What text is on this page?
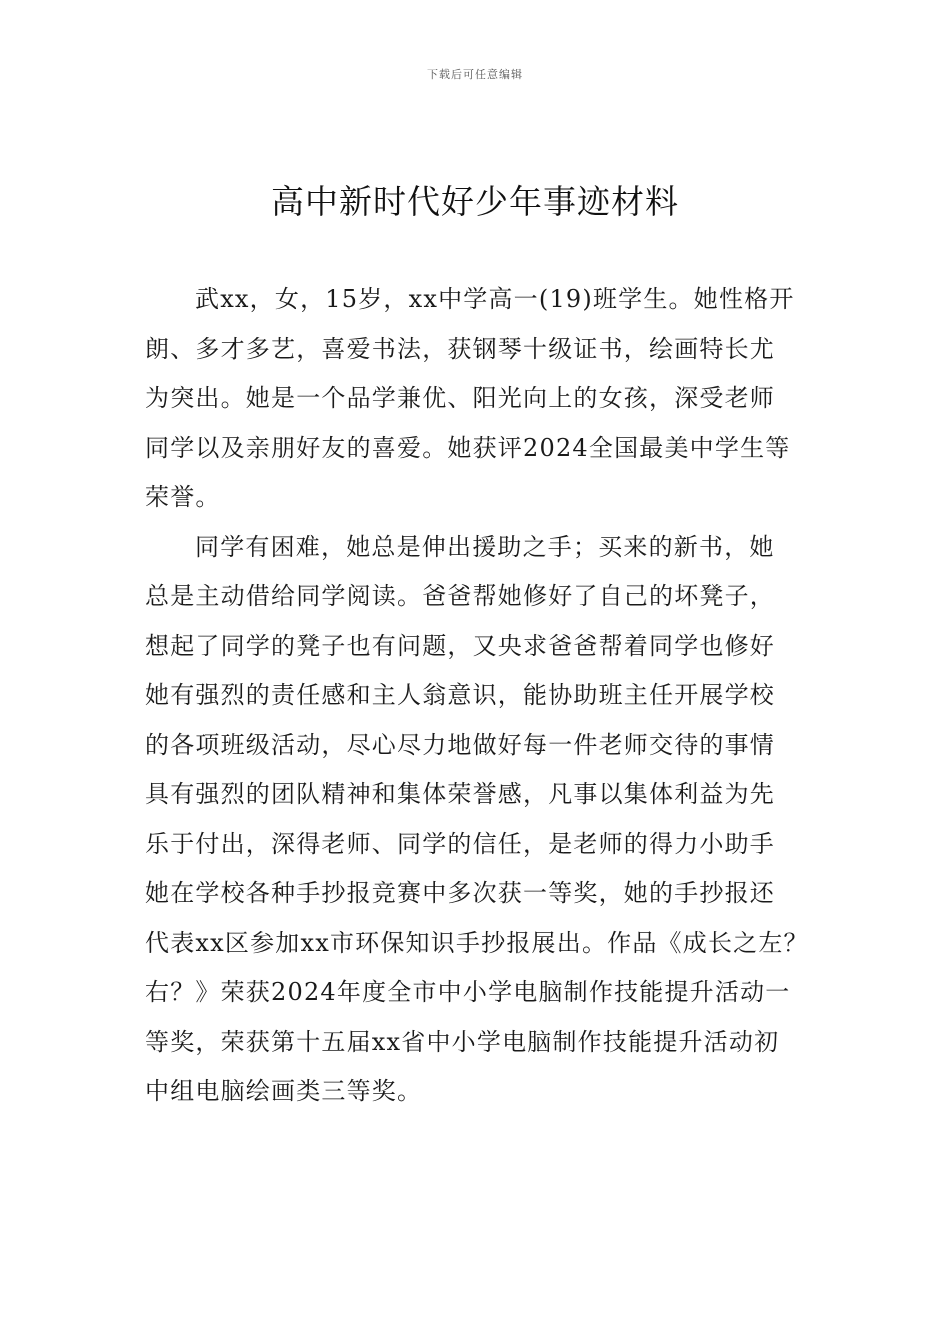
下载后可任意编辑
高中新时代好少年事迹材料
武xx，女，15岁，xx中学高一(19)班学生。她性格开
朗、多才多艺，喜爱书法，获钢琴十级证书，绘画特长尤
为突出。她是一个品学兼优、阳光向上的女孩，深受老师
同学以及亲朋好友的喜爱。她获评2024全国最美中学生等
荣誉。
同学有困难，她总是伸出援助之手；买来的新书，她
总是主动借给同学阅读。爸爸帮她修好了自己的坏凳子，
想起了同学的凳子也有问题，又央求爸爸帮着同学也修好
她有强烈的责任感和主人翁意识，能协助班主任开展学校
的各项班级活动，尽心尽力地做好每一件老师交待的事情
具有强烈的团队精神和集体荣誉感，凡事以集体利益为先
乐于付出，深得老师、同学的信任，是老师的得力小助手
她在学校各种手抄报竞赛中多次获一等奖，她的手抄报还
代表xx区参加xx市环保知识手抄报展出。作品《成长之左？
右？》荣获2024年度全市中小学电脑制作技能提升活动一
等奖，荣获第十五届xx省中小学电脑制作技能提升活动初
中组电脑绘画类三等奖。
